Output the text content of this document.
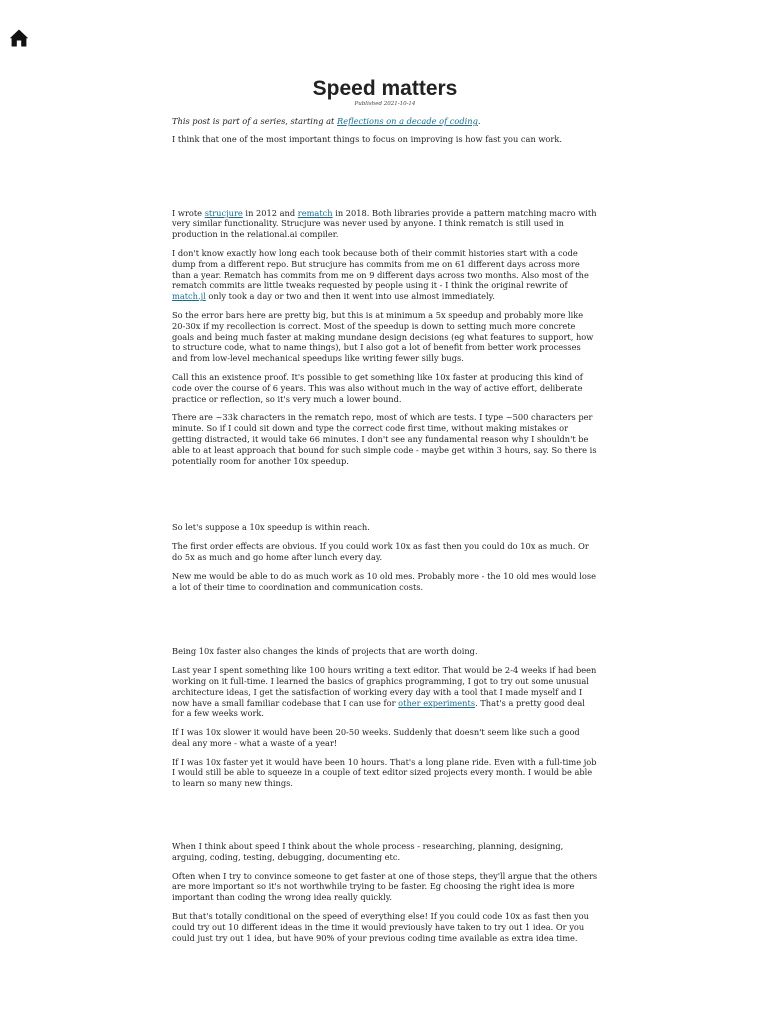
Speed matters
Published 2021-10-14

This post is part of a series, starting at Reflections on a decade of coding.

I think that one of the most important things to focus on improving is how fast you can work.

I wrote strucjure in 2012 and rematch in 2018. Both libraries provide a pattern matching macro with very similar functionality. Strucjure was never used by anyone. I think rematch is still used in production in the relational.ai compiler.

I don't know exactly how long each took because both of their commit histories start with a code dump from a different repo. But strucjure has commits from me on 61 different days across more than a year. Rematch has commits from me on 9 different days across two months. Also most of the rematch commits are little tweaks requested by people using it - I think the original rewrite of match.jl only took a day or two and then it went into use almost immediately.

So the error bars here are pretty big, but this is at minimum a 5x speedup and probably more like 20-30x if my recollection is correct. Most of the speedup is down to setting much more concrete goals and being much faster at making mundane design decisions (eg what features to support, how to structure code, what to name things), but I also got a lot of benefit from better work processes and from low-level mechanical speedups like writing fewer silly bugs.

Call this an existence proof. It's possible to get something like 10x faster at producing this kind of code over the course of 6 years. This was also without much in the way of active effort, deliberate practice or reflection, so it's very much a lower bound.

There are ~33k characters in the rematch repo, most of which are tests. I type ~500 characters per minute. So if I could sit down and type the correct code first time, without making mistakes or getting distracted, it would take 66 minutes. I don't see any fundamental reason why I shouldn't be able to at least approach that bound for such simple code - maybe get within 3 hours, say. So there is potentially room for another 10x speedup.

So let's suppose a 10x speedup is within reach.

The first order effects are obvious. If you could work 10x as fast then you could do 10x as much. Or do 5x as much and go home after lunch every day.

New me would be able to do as much work as 10 old mes. Probably more - the 10 old mes would lose a lot of their time to coordination and communication costs.

Being 10x faster also changes the kinds of projects that are worth doing.

Last year I spent something like 100 hours writing a text editor. That would be 2-4 weeks if had been working on it full-time. I learned the basics of graphics programming, I got to try out some unusual architecture ideas, I get the satisfaction of working every day with a tool that I made myself and I now have a small familiar codebase that I can use for other experiments. That's a pretty good deal for a few weeks work.

If I was 10x slower it would have been 20-50 weeks. Suddenly that doesn't seem like such a good deal any more - what a waste of a year!

If I was 10x faster yet it would have been 10 hours. That's a long plane ride. Even with a full-time job I would still be able to squeeze in a couple of text editor sized projects every month. I would be able to learn so many new things.

When I think about speed I think about the whole process - researching, planning, designing, arguing, coding, testing, debugging, documenting etc.

Often when I try to convince someone to get faster at one of those steps, they'll argue that the others are more important so it's not worthwhile trying to be faster. Eg choosing the right idea is more important than coding the wrong idea really quickly.

But that's totally conditional on the speed of everything else! If you could code 10x as fast then you could try out 10 different ideas in the time it would previously have taken to try out 1 idea. Or you could just try out 1 idea, but have 90% of your previous coding time available as extra idea time.
